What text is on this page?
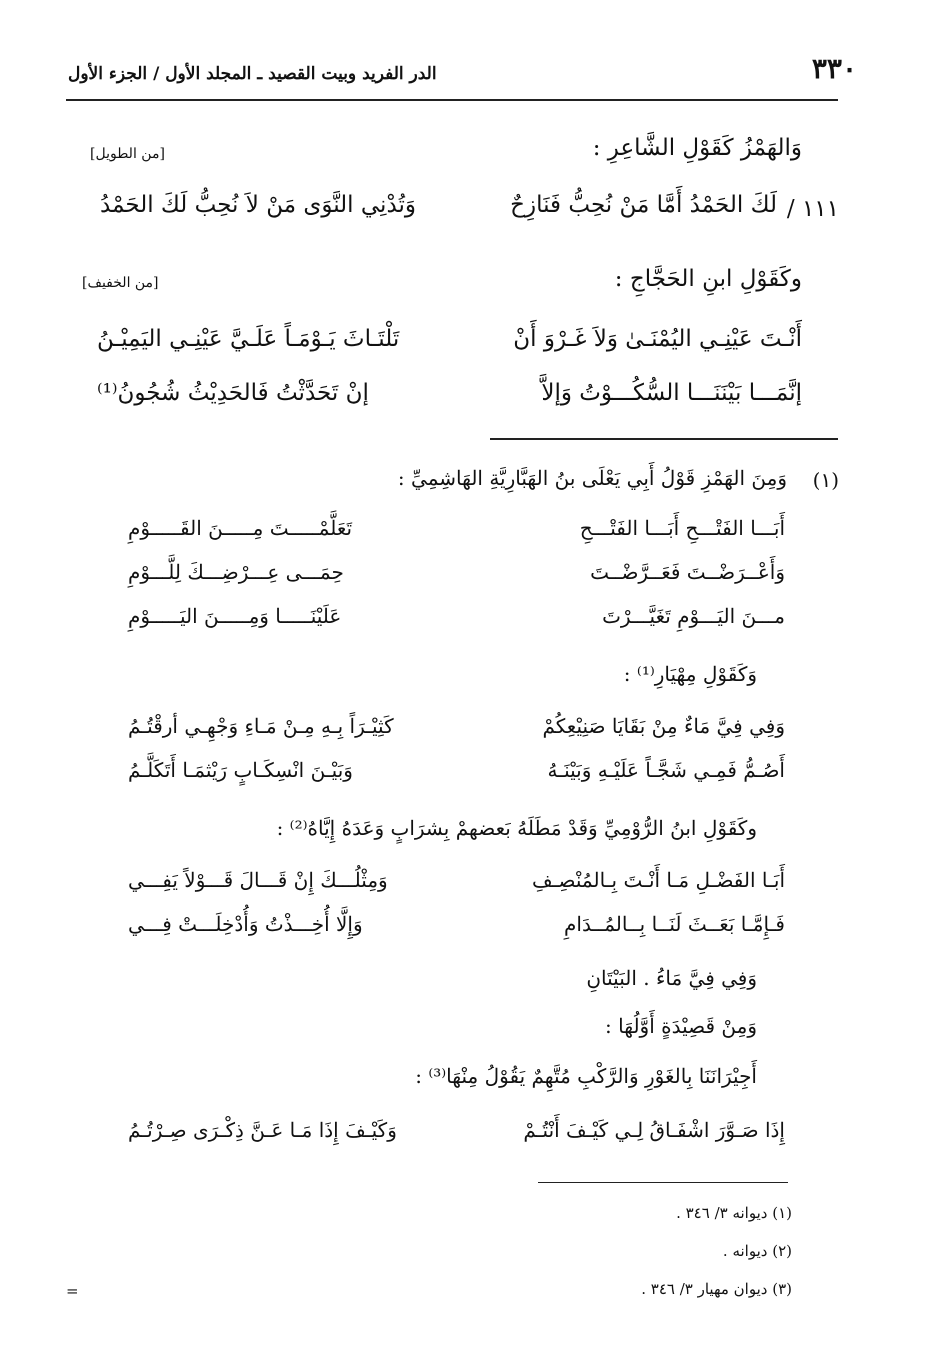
٣٣٠
الدر الفريد وبيت القصيد ـ المجلد الأول / الجزء الأول
وَالهَمْزُ كَقَوْلِ الشَّاعِرِ :
[من الطويل]
/ ١١١
لَكَ الحَمْدُ أَمَّا مَنْ نُحِبُّ فَنَازِحٌ
وَتُدْنِي النَّوَى مَنْ لاَ نُحِبُّ لَكَ الحَمْدُ
وكَقَوْلِ ابنِ الحَجَّاجِ :
[من الخفيف]
أَنْـتَ عَيْنِـي اليُمْنَـىٰ وَلاَ غَـرْوَ أَنْ
تَلْتَـاثَ يَـوْمَـاً عَلَـيَّ عَيْنِـي اليَمِيْـنُ
إنَّمَـــا بَيْنَنَـــا السُّكُـــوْتُ وَإلاَّ
إنْ تَحَدَّثْتُ فَالحَدِيْثُ شُجُونُ⁽¹⁾
(١)
وَمِنَ الهَمْزِ قَوْلُ أَبِي يَعْلَى بنُ الهَبَّارِيَّةِ الهَاشِمِيِّ :
أَبَـــا الفَتْـــحِ أَبَـــا الفَتْـــحِ
تَعَلَّمْـــــتَ مِـــــنَ القَـــــوْمِ
وَأَعْــرَضْــتَ فَعَــرَّضْــتَ
حِمَـــى عِـــرْضِـــكَ لِلَّـــوْمِ
مـــنَ اليَـــوْمِ تَغَيَّـــرْتَ
عَلَيْنَـــــا وَمِـــــنَ اليَـــــوْمِ
وَكَقَوْلِ مِهْيَارِ⁽¹⁾ :
وَفِي فِيَّ مَاءٌ مِنْ بَقَايَا صَنِيْعِكُمْ
كَثِيْـرَاً بِـهِ مِـنْ مَـاءِ وَجْهِـي أرقْتُـمُ
أَصُـمُّ فَمِـي شَجَّـاً عَلَيْـهِ وَبَيْنَـهُ
وَبَيْـنَ انْسِكَـابٍ رَيْثمَـا أَتَكَلَّـمُ
وكَقَوْلِ ابنُ الرُّوْمِيِّ وَقَدْ مَطَلَهُ بَعضهمْ بِشرَابٍ وَعَدَهُ إِيَّاهُ⁽²⁾ :
أَبَـا الفَضْـلِ مَـا أَنْـتَ بِـالمُنْصِـفِ
وَمِثْلُـــكَ إِنْ قَـــالَ قَـــوْلاً يَفِـــي
فَـإِمَّـا بَعَــثَ لَنَــا بِــالمُــدَامِ
وَإِلَّا أُخِـــذْتُ وَأُدْخِلَـــتْ فِـــي
وَفِي فِيَّ مَاءُ . البَيْتَانِ
وَمِنْ قَصِيْدَةٍ أَوَّلُهَا :
أَجِيْرَانَنَا بِالغَوْرِ وَالرَّكْبِ مُتَّهِمٌ يَقُوْلُ مِنْهَا⁽³⁾ :
إِذَا صَـوَّرَ اشْفَـاقُ لِـي كَيْـفَ أَنْتُـمْ
وَكَيْـفَ إِذَا مَـا عَـنَّ ذِكْـرَى صِـرْتُـمُ
(١) ديوانه ٣/ ٣٤٦ .
(٢) ديوانه .
(٣) ديوان مهيار ٣/ ٣٤٦ .
=
